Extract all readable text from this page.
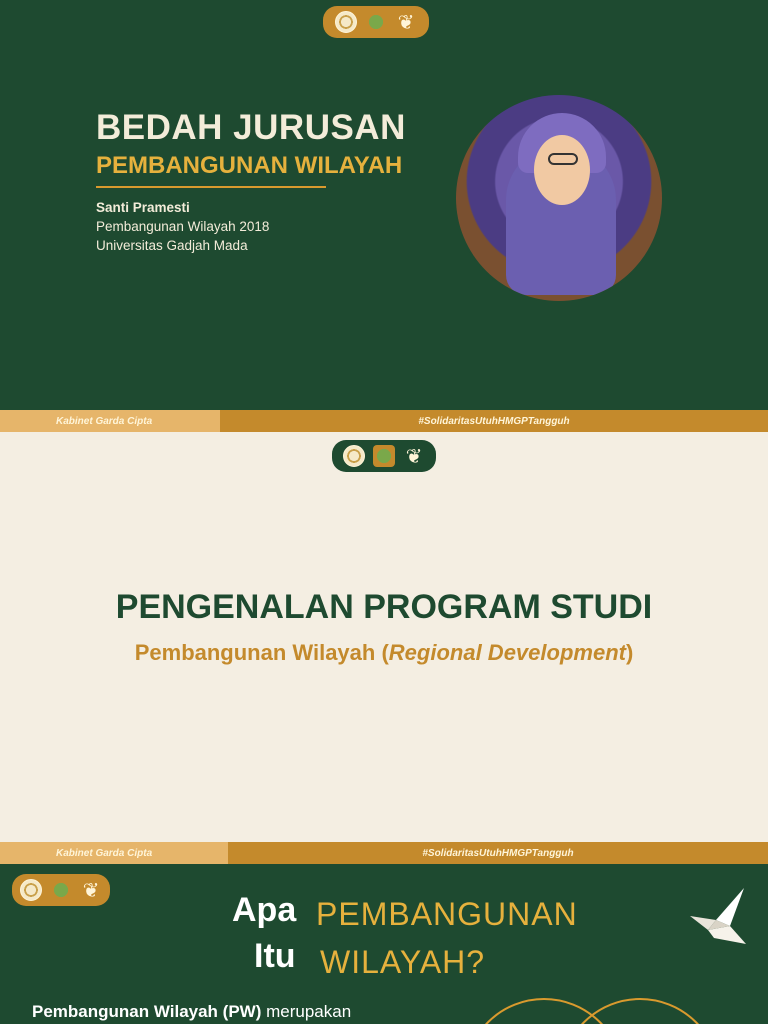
❦
BEDAH JURUSAN
PEMBANGUNAN WILAYAH
Santi Pramesti
Pembangunan Wilayah 2018
Universitas Gadjah Mada
Kabinet Garda Cipta	#SolidaritasUtuhHMGPTangguh
❦
PENGENALAN PROGRAM STUDI
Pembangunan Wilayah (Regional Development)
Kabinet Garda Cipta	#SolidaritasUtuhHMGPTangguh
❦
Apa
Itu
PEMBANGUNAN
WILAYAH?
Pembangunan Wilayah (PW) merupakan
